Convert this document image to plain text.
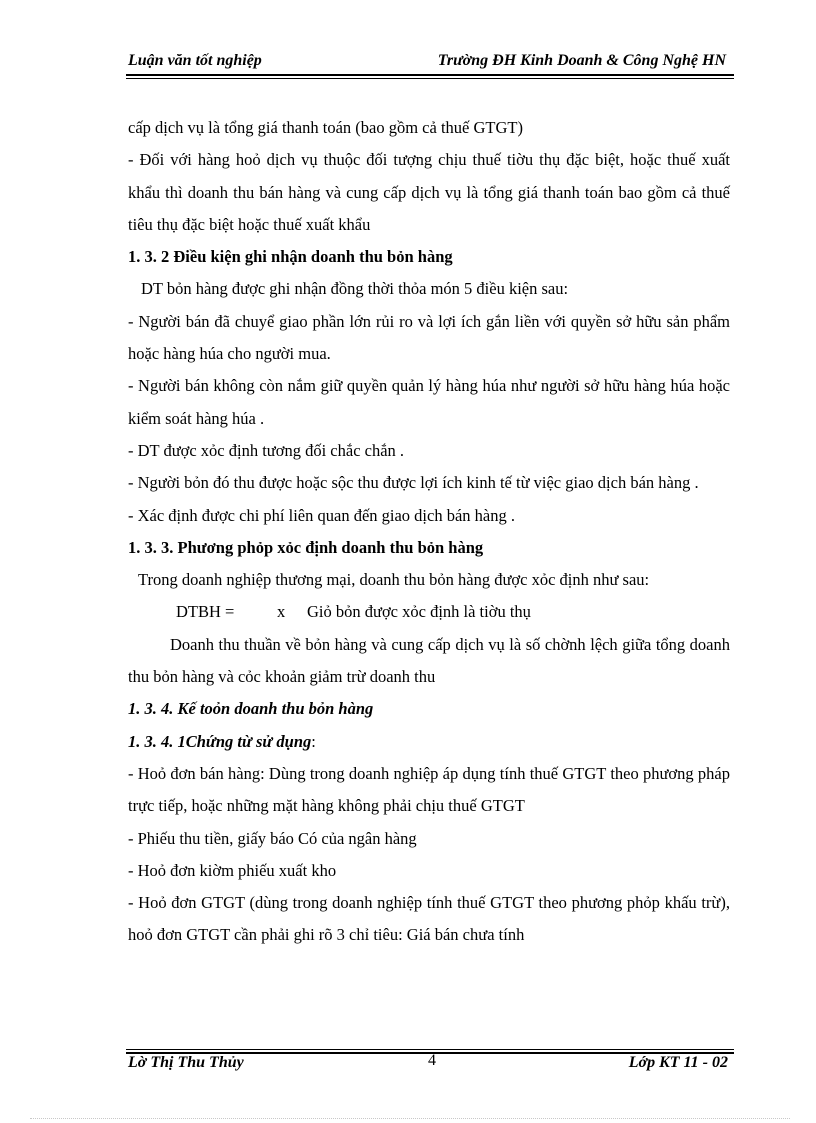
Luận văn tốt nghiệp	Trường ĐH Kinh Doanh & Công Nghệ HN

cấp dịch vụ là tổng giá thanh toán (bao gồm cả thuế GTGT)

- Đối với hàng hoỏ dịch vụ thuộc đối tượng chịu thuế tiờu thụ đặc biệt, hoặc thuế xuất khẩu thì doanh thu bán hàng và cung cấp dịch vụ là tổng giá thanh toán bao gồm cả thuế tiêu thụ đặc biệt hoặc thuế xuất khẩu

1. 3. 2 Điều kiện ghi nhận doanh thu bỏn hàng

DT bỏn hàng được ghi nhận đồng thời thỏa món 5 điều kiện sau:

- Người bán đã chuyể giao phần lớn rủi ro và lợi ích gắn liền với quyền sở hữu sản phẩm hoặc hàng húa cho người mua.

- Người bán không còn nắm giữ quyền quản lý hàng húa như người sở hữu hàng húa hoặc kiểm soát hàng húa .

- DT được xỏc định tương đối chắc chắn .

- Người bỏn đó thu được hoặc sộc thu được lợi ích kinh tế từ việc giao dịch bán hàng .

- Xác định được chi phí liên quan đến giao dịch bán hàng .

1. 3. 3. Phương phỏp xỏc định doanh thu bỏn hàng

Trong doanh nghiệp thương mại, doanh thu bỏn hàng được xỏc định như sau:

DTBH =	x Giỏ bỏn được xỏc định là tiờu thụ

Doanh thu thuần về bỏn hàng và cung cấp dịch vụ là số chờnh lệch giữa tổng doanh thu bỏn hàng và cỏc khoản giảm trừ doanh thu

1. 3. 4. Kế toỏn doanh thu bỏn hàng

1. 3. 4. 1Chứng từ sử dụng:

- Hoỏ đơn bán hàng: Dùng trong doanh nghiệp áp dụng tính thuế GTGT theo phương pháp trực tiếp, hoặc những mặt hàng không phải chịu thuế GTGT

- Phiếu thu tiền, giấy báo Có của ngân hàng

- Hoỏ đơn kiờm phiếu xuất kho

- Hoỏ đơn GTGT (dùng trong doanh nghiệp tính thuế GTGT theo phương phỏp khấu trừ), hoỏ đơn GTGT cần phải ghi rõ 3 chỉ tiêu: Giá bán chưa tính

Lờ Thị Thu Thủy	4	Lớp KT 11 - 02
